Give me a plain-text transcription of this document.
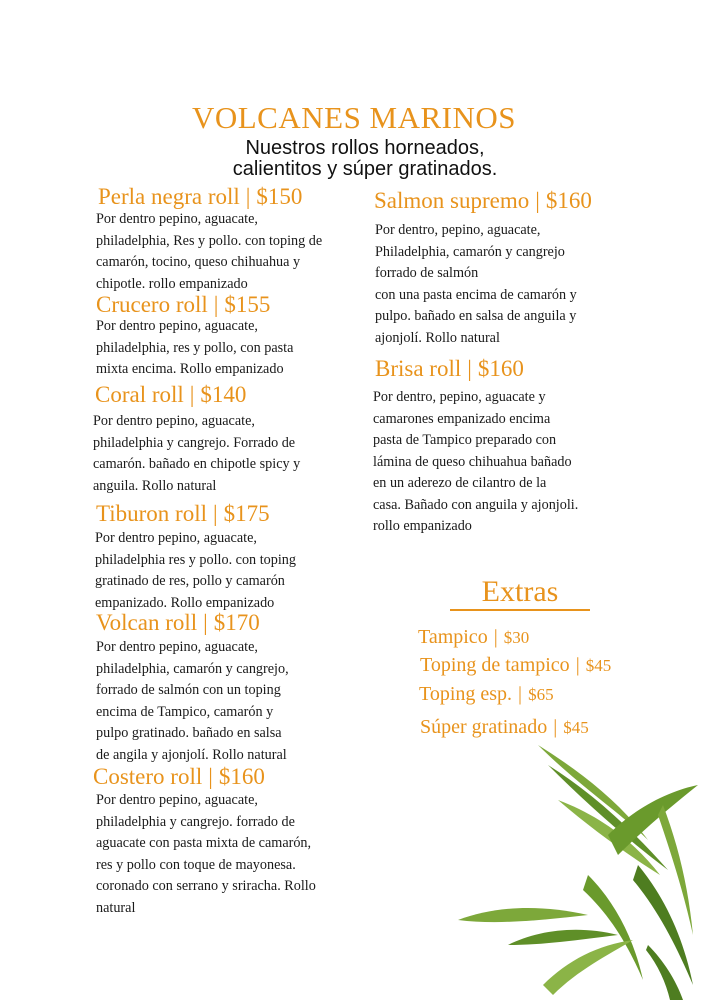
VOLCANES MARINOS
Nuestros rollos horneados,
calientitos y súper gratinados.
Perla negra roll | $150
Por dentro pepino, aguacate,
philadelphia, Res y pollo. con toping de
camarón, tocino, queso chihuahua y
chipotle. rollo empanizado
Crucero roll | $155
Por dentro pepino, aguacate,
philadelphia, res y pollo, con pasta
mixta encima. Rollo empanizado
Coral roll | $140
Por dentro pepino, aguacate,
philadelphia y cangrejo. Forrado de
camarón. bañado en chipotle spicy y
anguila. Rollo natural
Tiburon roll | $175
Por dentro pepino, aguacate,
philadelphia res y pollo. con toping
gratinado de res, pollo y camarón
empanizado. Rollo empanizado
Volcan roll | $170
Por dentro pepino, aguacate,
philadelphia, camarón y cangrejo,
forrado de salmón con un toping
encima de Tampico, camarón y
pulpo gratinado. bañado en salsa
de angila y ajonjolí. Rollo natural
Costero roll | $160
Por dentro pepino, aguacate,
philadelphia y cangrejo. forrado de
aguacate con pasta mixta de camarón,
res y pollo con toque de mayonesa.
coronado con serrano y sriracha. Rollo
natural
Salmon supremo | $160
Por dentro, pepino, aguacate,
Philadelphia, camarón y cangrejo
forrado de salmón
con una pasta encima de camarón y
pulpo. bañado en salsa de anguila y
ajonjolí. Rollo natural
Brisa roll | $160
Por dentro, pepino, aguacate y
camarones empanizado encima
pasta de Tampico preparado con
lámina de queso chihuahua bañado
en un aderezo de cilantro de la
casa. Bañado con anguila y ajonjoli.
rollo empanizado
Extras
Tampico | $30
Toping de tampico | $45
Toping esp. | $65
Súper gratinado | $45
